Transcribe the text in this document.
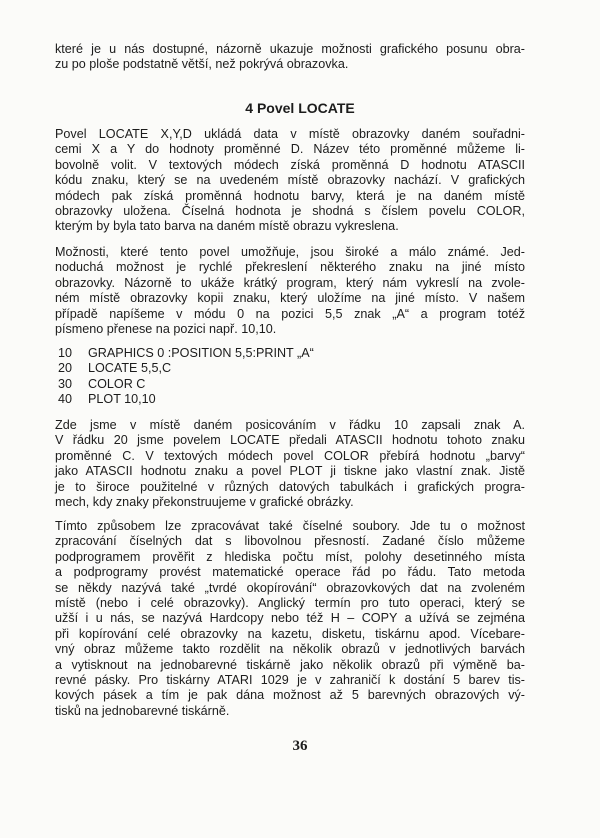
které je u nás dostupné, názorně ukazuje možnosti grafického posunu obra-
zu po ploše podstatně větší, než pokrývá obrazovka.
4 Povel LOCATE
Povel LOCATE X,Y,D ukládá data v místě obrazovky daném souřadni-
cemi X a Y do hodnoty proměnné D. Název této proměnné můžeme li-
bovolně volit. V textových módech získá proměnná D hodnotu ATASCII
kódu znaku, který se na uvedeném místě obrazovky nachází. V grafických
módech pak získá proměnná hodnotu barvy, která je na daném místě
obrazovky uložena. Číselná hodnota je shodná s číslem povelu COLOR,
kterým by byla tato barva na daném místě obrazu vykreslena.
Možnosti, které tento povel umožňuje, jsou široké a málo známé. Jed-
noduchá možnost je rychlé překreslení některého znaku na jiné místo
obrazovky. Názorně to ukáže krátký program, který nám vykreslí na zvole-
ném místě obrazovky kopii znaku, který uložíme na jiné místo. V našem
případě napíšeme v módu 0 na pozici 5,5 znak „A“ a program totéž
písmeno přenese na pozici např. 10,10.
10 GRAPHICS 0 :POSITION 5,5:PRINT „A“
20 LOCATE 5,5,C
30 COLOR C
40 PLOT 10,10
Zde jsme v místě daném posicováním v řádku 10 zapsali znak A.
V řádku 20 jsme povelem LOCATE předali ATASCII hodnotu tohoto znaku
proměnné C. V textových módech povel COLOR přebírá hodnotu „barvy“
jako ATASCII hodnotu znaku a povel PLOT ji tiskne jako vlastní znak. Jistě
je to široce použitelné v různých datových tabulkách i grafických progra-
mech, kdy znaky překonstruujeme v grafické obrázky.
Tímto způsobem lze zpracovávat také číselné soubory. Jde tu o možnost
zpracování číselných dat s libovolnou přesností. Zadané číslo můžeme
podprogramem prověřit z hlediska počtu míst, polohy desetinného místa
a podprogramy provést matematické operace řád po řádu. Tato metoda
se někdy nazývá také „tvrdé okopírování“ obrazovkových dat na zvoleném
místě (nebo i celé obrazovky). Anglický termín pro tuto operaci, který se
užší i u nás, se nazývá Hardcopy nebo též H – COPY a užívá se zejména
při kopírování celé obrazovky na kazetu, disketu, tiskárnu apod. Vícebare-
vný obraz můžeme takto rozdělit na několik obrazů v jednotlivých barvách
a vytisknout na jednobarevné tiskárně jako několik obrazů při výměně ba-
revné pásky. Pro tiskárny ATARI 1029 je v zahraničí k dostání 5 barev tis-
kových pásek a tím je pak dána možnost až 5 barevných obrazových vý-
tisků na jednobarevné tiskárně.
36
